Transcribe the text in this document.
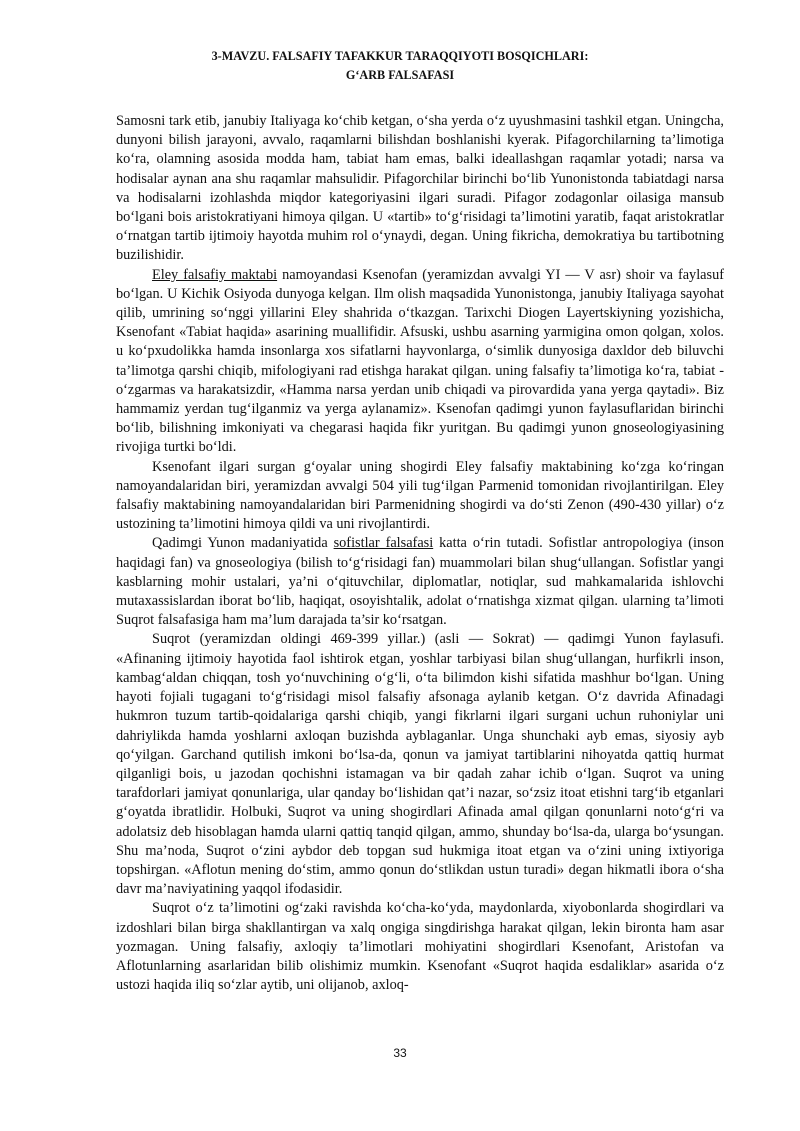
3-MAVZU. FALSAFIY TAFAKKUR TARAQQIYOTI BOSQICHLARI:
G‘ARB FALSAFASI

Samosni tark etib, janubiy Italiyaga ko‘chib ketgan, o‘sha yerda o‘z uyushmasini tashkil etgan. Uningcha, dunyoni bilish jarayoni, avvalo, raqamlarni bilishdan boshlanishi kyerak. Pifagorchilarning ta’limotiga ko‘ra, olamning asosida modda ham, tabiat ham emas, balki ideallashgan raqamlar yotadi; narsa va hodisalar aynan ana shu raqamlar mahsulidir. Pifagorchilar birinchi bo‘lib Yunonistonda tabiatdagi narsa va hodisalarni izohlashda miqdor kategoriyasini ilgari suradi. Pifagor zodagonlar oilasiga mansub bo‘lgani bois aristokratiyani himoya qilgan. U «tartib» to‘g‘risidagi ta’limotini yaratib, faqat aristokratlar o‘rnatgan tartib ijtimoiy hayotda muhim rol o‘ynaydi, degan. Uning fikricha, demokratiya bu tartibotning buzilishidir.

Eley falsafiy maktabi namoyandasi Ksenofan (yeramizdan avvalgi YI — V asr) shoir va faylasuf bo‘lgan. U Kichik Osiyoda dunyoga kelgan. Ilm olish maqsadida Yunonistonga, janubiy Italiyaga sayohat qilib, umrining so‘nggi yillarini Eley shahrida o‘tkazgan. Tarixchi Diogen Layertskiyning yozishicha, Ksenofant «Tabiat haqida» asarining muallifidir. Afsuski, ushbu asarning yarmigina omon qolgan, xolos. u ko‘pxudolikka hamda insonlarga xos sifatlarni hayvonlarga, o‘simlik dunyosiga daxldor deb biluvchi ta’limotga qarshi chiqib, mifologiyani rad etishga harakat qilgan. uning falsafiy ta’limotiga ko‘ra, tabiat - o‘zgarmas va harakatsizdir, «Hamma narsa yerdan unib chiqadi va pirovardida yana yerga qaytadi». Biz hammamiz yerdan tug‘ilganmiz va yerga aylanamiz». Ksenofan qadimgi yunon faylasuflaridan birinchi bo‘lib, bilishning imkoniyati va chegarasi haqida fikr yuritgan. Bu qadimgi yunon gnoseologiyasining rivojiga turtki bo‘ldi.

Ksenofant ilgari surgan g‘oyalar uning shogirdi Eley falsafiy maktabining ko‘zga ko‘ringan namoyandalaridan biri, yeramizdan avvalgi 504 yili tug‘ilgan Parmenid tomonidan rivojlantirilgan. Eley falsafiy maktabining namoyandalaridan biri Parmenidning shogirdi va do‘sti Zenon (490-430 yillar) o‘z ustozining ta’limotini himoya qildi va uni rivojlantirdi.

Qadimgi Yunon madaniyatida sofistlar falsafasi katta o‘rin tutadi. Sofistlar antropologiya (inson haqidagi fan) va gnoseologiya (bilish to‘g‘risidagi fan) muammolari bilan shug‘ullangan. Sofistlar yangi kasblarning mohir ustalari, ya’ni o‘qituvchilar, diplomatlar, notiqlar, sud mahkamalarida ishlovchi mutaxassislardan iborat bo‘lib, haqiqat, osoyishtalik, adolat o‘rnatishga xizmat qilgan. ularning ta’limoti Suqrot falsafasiga ham ma’lum darajada ta’sir ko‘rsatgan.

Suqrot (yeramizdan oldingi 469-399 yillar.) (asli — Sokrat) — qadimgi Yunon faylasufi. «Afinaning ijtimoiy hayotida faol ishtirok etgan, yoshlar tarbiyasi bilan shug‘ullangan, hurfikrli inson, kambag‘aldan chiqqan, tosh yo‘nuvchining o‘g‘li, o‘ta bilimdon kishi sifatida mashhur bo‘lgan. Uning hayoti fojiali tugagani to‘g‘risidagi misol falsafiy afsonaga aylanib ketgan. O‘z davrida Afinadagi hukmron tuzum tartib-qoidalariga qarshi chiqib, yangi fikrlarni ilgari surgani uchun ruhoniylar uni dahriylikda hamda yoshlarni axloqan buzishda ayblaganlar. Unga shunchaki ayb emas, siyosiy ayb qo‘yilgan. Garchand qutilish imkoni bo‘lsa-da, qonun va jamiyat tartiblarini nihoyatda qattiq hurmat qilganligi bois, u jazodan qochishni istamagan va bir qadah zahar ichib o‘lgan. Suqrot va uning tarafdorlari jamiyat qonunlariga, ular qanday bo‘lishidan qat’i nazar, so‘zsiz itoat etishni targ‘ib etganlari g‘oyatda ibratlidir. Holbuki, Suqrot va uning shogirdlari Afinada amal qilgan qonunlarni noto‘g‘ri va adolatsiz deb hisoblagan hamda ularni qattiq tanqid qilgan, ammo, shunday bo‘lsa-da, ularga bo‘ysungan. Shu ma’noda, Suqrot o‘zini aybdor deb topgan sud hukmiga itoat etgan va o‘zini uning ixtiyoriga topshirgan. «Aflotun mening do‘stim, ammo qonun do‘stlikdan ustun turadi» degan hikmatli ibora o‘sha davr ma’naviyatining yaqqol ifodasidir.

Suqrot o‘z ta’limotini og‘zaki ravishda ko‘cha-ko‘yda, maydonlarda, xiyobonlarda shogirdlari va izdoshlari bilan birga shakllantirgan va xalq ongiga singdirishga harakat qilgan, lekin bironta ham asar yozmagan. Uning falsafiy, axloqiy ta’limotlari mohiyatini shogirdlari Ksenofant, Aristofan va Aflotunlarning asarlaridan bilib olishimiz mumkin. Ksenofant «Suqrot haqida esdaliklar» asarida o‘z ustozi haqida iliq so‘zlar aytib, uni olijanob, axloq-

33
